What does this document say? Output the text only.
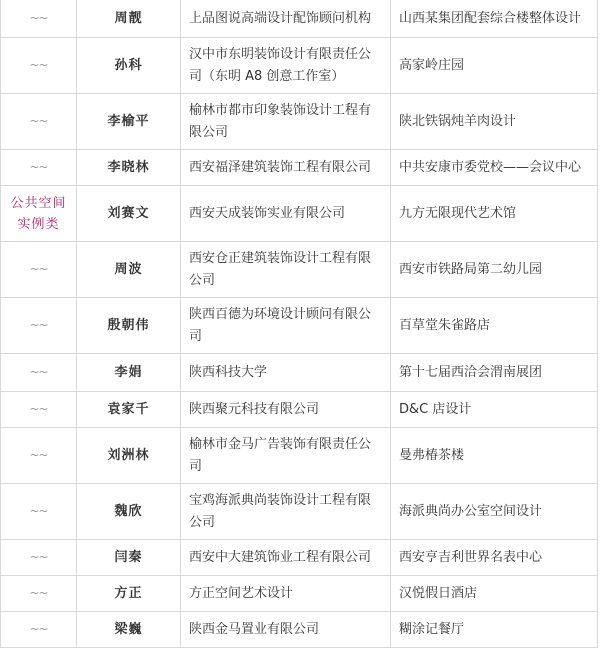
~~	周靓	上品图说高端设计配饰顾问机构	山西某集团配套综合楼整体设计
~~	孙科	汉中市东明装饰设计有限责任公司（东明 A8 创意工作室）	高家岭庄园
~~	李榆平	榆林市都市印象装饰设计工程有限公司	陕北铁锅炖羊肉设计
~~	李晓林	西安福泽建筑装饰工程有限公司	中共安康市委党校——会议中心

公共空间
实例类	刘赛文	西安天成装饰实业有限公司	九方无限现代艺术馆
~~	周波	西安仓正建筑装饰设计工程有限公司	西安市铁路局第二幼儿园
~~	殷朝伟	陕西百德为环境设计顾问有限公司	百草堂朱雀路店
~~	李娟	陕西科技大学	第十七届西洽会渭南展团
~~	袁家千	陕西聚元科技有限公司	D&C 店设计
~~	刘洲林	榆林市金马广告装饰有限责任公司	曼弗椿茶楼
~~	魏欣	宝鸡海派典尚装饰设计工程有限公司	海派典尚办公室空间设计
~~	闫秦	西安中大建筑饰业工程有限公司	西安亨吉利世界名表中心
~~	方正	方正空间艺术设计	汉悦假日酒店
~~	梁巍	陕西金马置业有限公司	糊涂记餐厅
